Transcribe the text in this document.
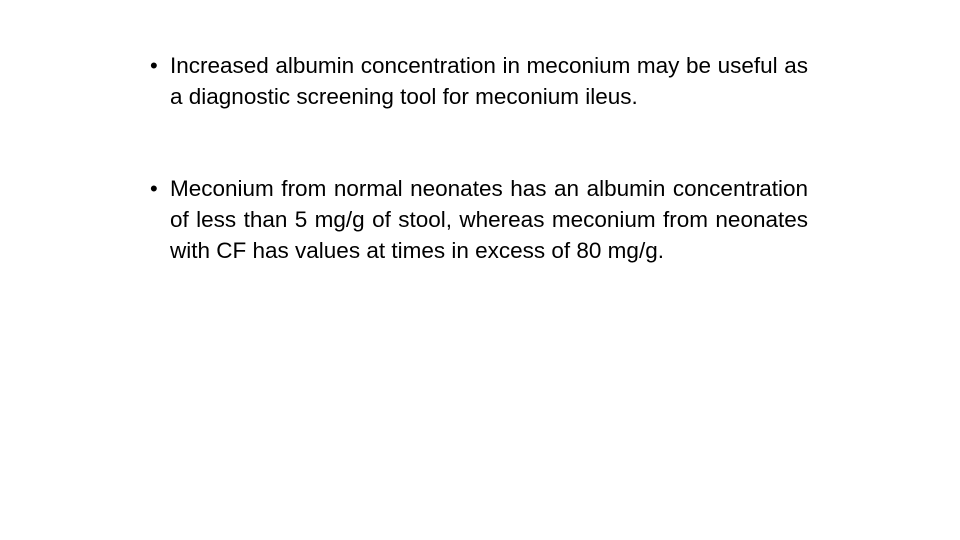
• Increased albumin concentration in meconium may be useful as a diagnostic screening tool for meconium ileus.
• Meconium from normal neonates has an albumin concentration of less than 5 mg/g of stool, whereas meconium from neonates with CF has values at times in excess of 80 mg/g.
